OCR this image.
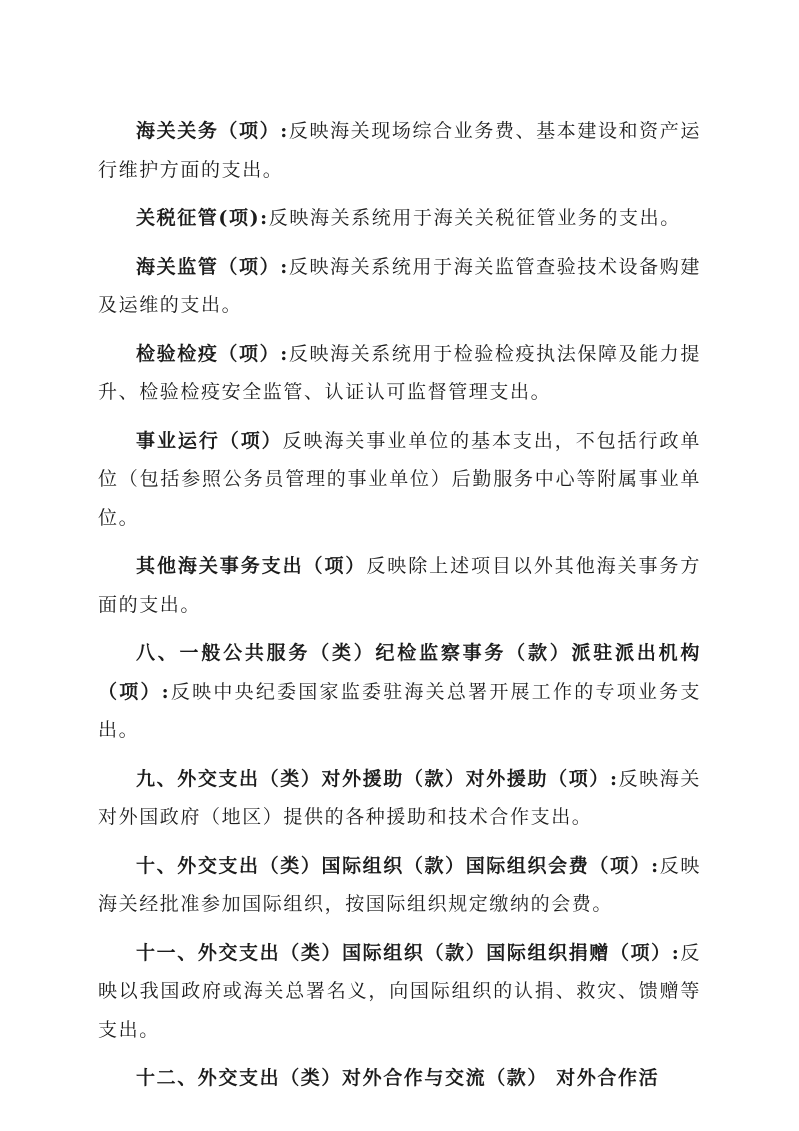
海关关务（项）:反映海关现场综合业务费、基本建设和资产运行维护方面的支出。

关税征管(项):反映海关系统用于海关关税征管业务的支出。

海关监管（项）:反映海关系统用于海关监管查验技术设备购建及运维的支出。

检验检疫（项）:反映海关系统用于检验检疫执法保障及能力提升、检验检疫安全监管、认证认可监督管理支出。

事业运行（项）反映海关事业单位的基本支出，不包括行政单位（包括参照公务员管理的事业单位）后勤服务中心等附属事业单位。

其他海关事务支出（项）反映除上述项目以外其他海关事务方面的支出。

八、一般公共服务（类）纪检监察事务（款）派驻派出机构（项）:反映中央纪委国家监委驻海关总署开展工作的专项业务支出。

九、外交支出（类）对外援助（款）对外援助（项）:反映海关对外国政府（地区）提供的各种援助和技术合作支出。

十、外交支出（类）国际组织（款）国际组织会费（项）:反映海关经批准参加国际组织，按国际组织规定缴纳的会费。

十一、外交支出（类）国际组织（款）国际组织捐赠（项）:反映以我国政府或海关总署名义，向国际组织的认捐、救灾、馈赠等支出。

十二、外交支出（类）对外合作与交流（款） 对外合作活
